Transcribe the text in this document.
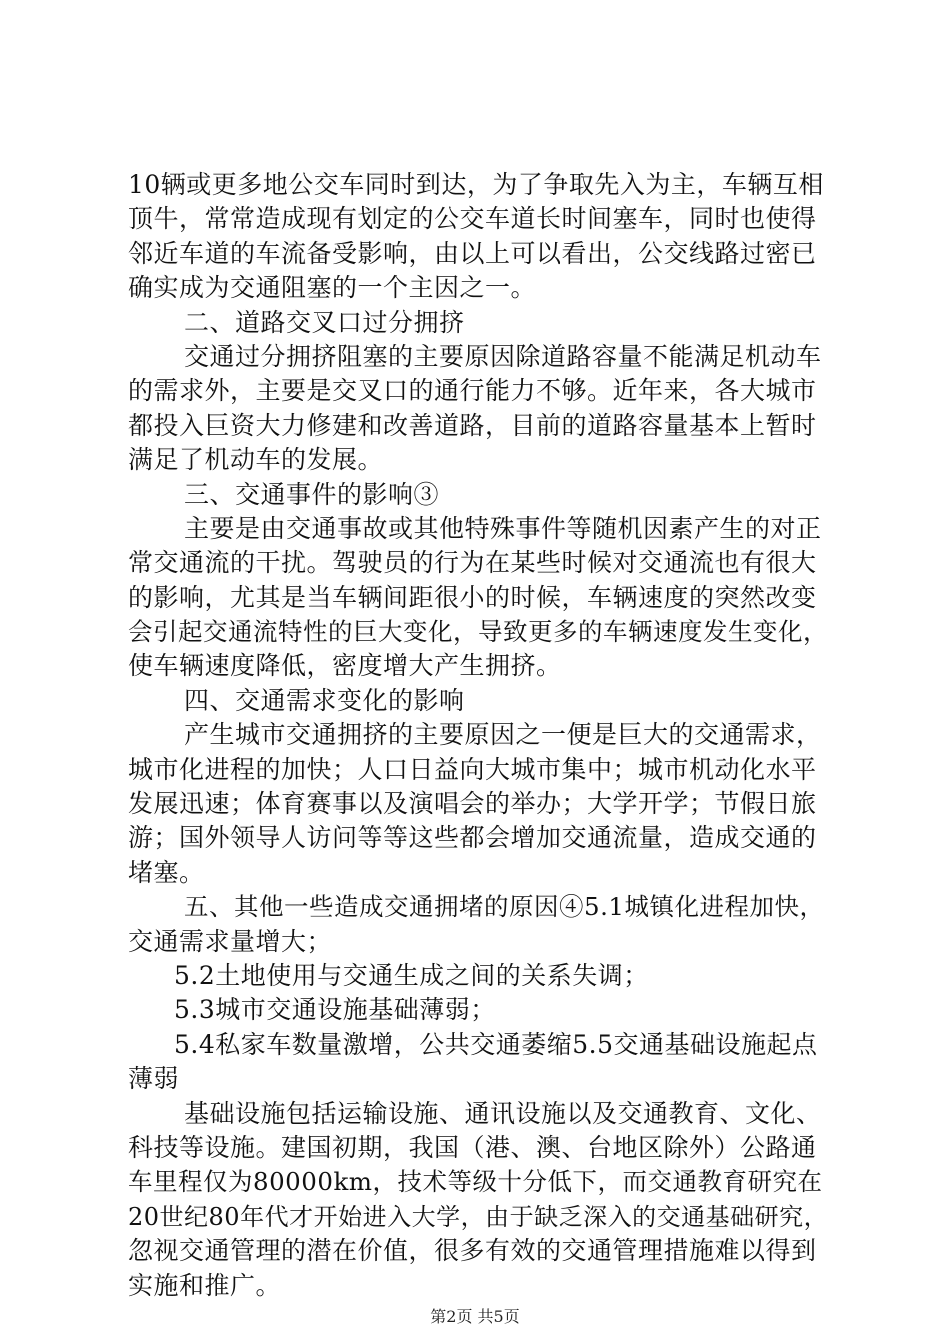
10辆或更多地公交车同时到达，为了争取先入为主，车辆互相
顶牛，常常造成现有划定的公交车道长时间塞车，同时也使得
邻近车道的车流备受影响，由以上可以看出，公交线路过密已
确实成为交通阻塞的一个主因之一。
二、道路交叉口过分拥挤
交通过分拥挤阻塞的主要原因除道路容量不能满足机动车
的需求外，主要是交叉口的通行能力不够。近年来，各大城市
都投入巨资大力修建和改善道路，目前的道路容量基本上暂时
满足了机动车的发展。
三、交通事件的影响③
主要是由交通事故或其他特殊事件等随机因素产生的对正
常交通流的干扰。驾驶员的行为在某些时候对交通流也有很大
的影响，尤其是当车辆间距很小的时候，车辆速度的突然改变
会引起交通流特性的巨大变化，导致更多的车辆速度发生变化，
使车辆速度降低，密度增大产生拥挤。
四、交通需求变化的影响
产生城市交通拥挤的主要原因之一便是巨大的交通需求，
城市化进程的加快；人口日益向大城市集中；城市机动化水平
发展迅速；体育赛事以及演唱会的举办；大学开学；节假日旅
游；国外领导人访问等等这些都会增加交通流量，造成交通的
堵塞。
五、其他一些造成交通拥堵的原因④5.1城镇化进程加快，
交通需求量增大；
5.2土地使用与交通生成之间的关系失调；
5.3城市交通设施基础薄弱；
5.4私家车数量激增，公共交通萎缩5.5交通基础设施起点
薄弱
基础设施包括运输设施、通讯设施以及交通教育、文化、
科技等设施。建国初期，我国（港、澳、台地区除外）公路通
车里程仅为80000km，技术等级十分低下，而交通教育研究在
20世纪80年代才开始进入大学，由于缺乏深入的交通基础研究，
忽视交通管理的潜在价值，很多有效的交通管理措施难以得到
实施和推广。
第2页 共5页
